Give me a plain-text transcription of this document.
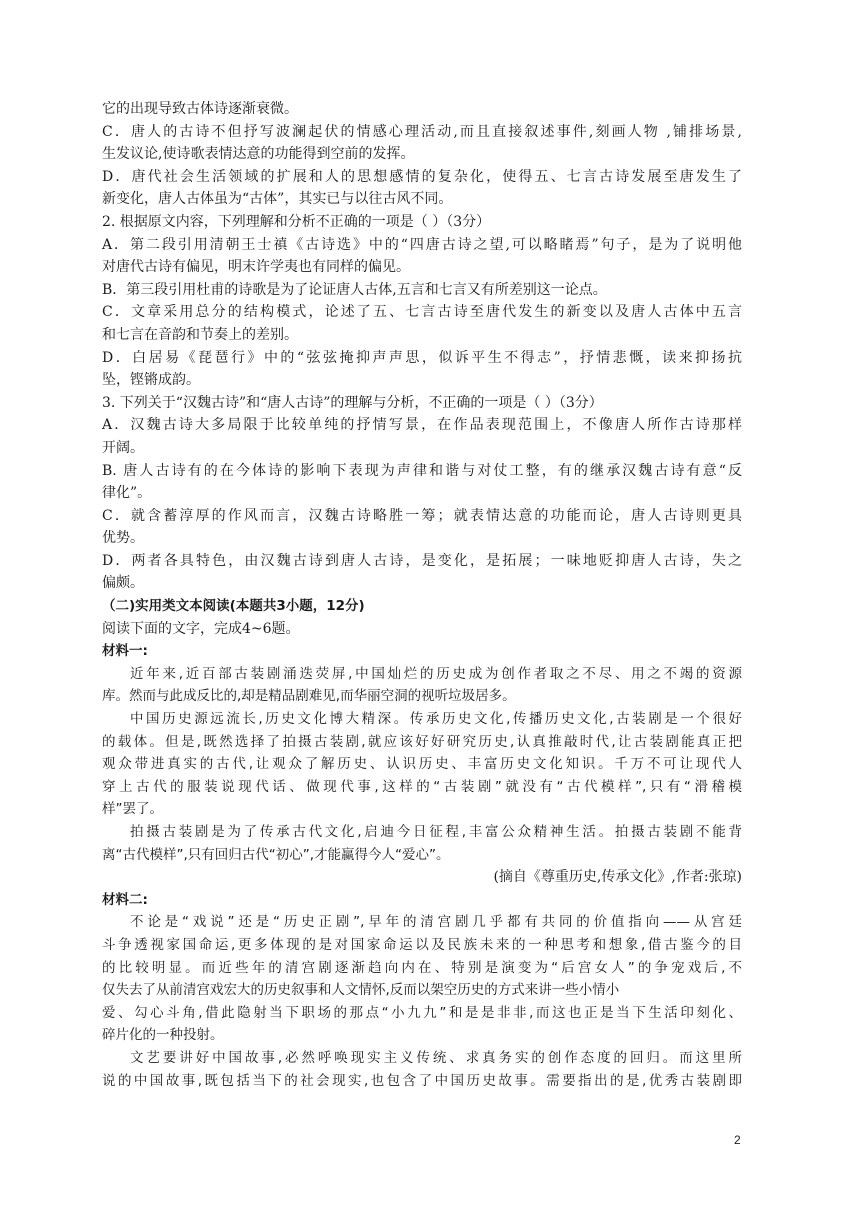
它的出现导致古体诗逐渐衰微。
C．唐人的古诗不但抒写波澜起伏的情感心理活动,而且直接叙述事件,刻画人物 ,铺排场景,
生发议论,使诗歌表情达意的功能得到空前的发挥。
D．唐代社会生活领域的扩展和人的思想感情的复杂化，使得五、七言古诗发展至唐发生了
新变化，唐人古体虽为“古体”，其实已与以往古风不同。
2. 根据原文内容，下列理解和分析不正确的一项是（ ）（3分）
A．第二段引用清朝王士禛《古诗选》中的“四唐古诗之望,可以略睹焉”句子，是为了说明他
对唐代古诗有偏见，明末许学夷也有同样的偏见。
B．第三段引用杜甫的诗歌是为了论证唐人古体,五言和七言又有所差别这一论点。
C．文章采用总分的结构模式，论述了五、七言古诗至唐代发生的新变以及唐人古体中五言
和七言在音韵和节奏上的差别。
D．白居易《琵琶行》中的“弦弦掩抑声声思，似诉平生不得志”，抒情悲慨，读来抑扬抗
坠，铿锵成韵。
3. 下列关于“汉魏古诗”和“唐人古诗”的理解与分析，不正确的一项是（ ）（3分）
A．汉魏古诗大多局限于比较单纯的抒情写景，在作品表现范围上，不像唐人所作古诗那样
开阔。
B. 唐人古诗有的在今体诗的影响下表现为声律和谐与对仗工整，有的继承汉魏古诗有意“反
律化”。
C．就含蓄淳厚的作风而言，汉魏古诗略胜一筹；就表情达意的功能而论，唐人古诗则更具
优势。
D．两者各具特色，由汉魏古诗到唐人古诗，是变化，是拓展；一味地贬抑唐人古诗，失之
偏颇。
（二)实用类文本阅读(本题共3小题，12分)
阅读下面的文字，完成4~6题。
材料一:
近年来,近百部古装剧涌迭荧屏,中国灿烂的历史成为创作者取之不尽、用之不竭的资源
库。然而与此成反比的,却是精品剧难见,而华丽空洞的视听垃圾居多。
中国历史源远流长,历史文化博大精深。传承历史文化,传播历史文化,古装剧是一个很好
的载体。但是,既然选择了拍摄古装剧,就应该好好研究历史,认真推敲时代,让古装剧能真正把
观众带进真实的古代,让观众了解历史、认识历史、丰富历史文化知识。千万不可让现代人
穿上古代的服装说现代话、做现代事,这样的“古装剧”就没有“古代模样”,只有“滑稽模
样”罢了。
拍摄古装剧是为了传承古代文化,启迪今日征程,丰富公众精神生活。拍摄古装剧不能背
离“古代模样”,只有回归古代“初心”,才能赢得今人“爱心”。
(摘自《尊重历史,传承文化》,作者:张琼)
材料二:
不论是“戏说”还是“历史正剧”,早年的清宫剧几乎都有共同的价值指向——从宫廷
斗争透视家国命运,更多体现的是对国家命运以及民族未来的一种思考和想象,借古鉴今的目
的比较明显。而近些年的清宫剧逐渐趋向内在、特别是演变为“后宫女人”的争宠戏后,不
仅失去了从前清宫戏宏大的历史叙事和人文情怀,反而以架空历史的方式来讲一些小情小
爱、勾心斗角,借此隐射当下职场的那点“小九九”和是是非非,而这也正是当下生活印刻化、
碎片化的一种投射。
文艺要讲好中国故事,必然呼唤现实主义传统、求真务实的创作态度的回归。而这里所
说的中国故事,既包括当下的社会现实,也包含了中国历史故事。需要指出的是,优秀古装剧即
2
